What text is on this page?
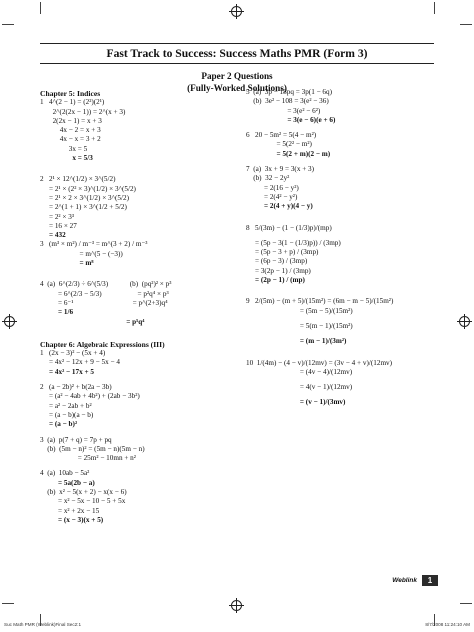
Fast Track to Success: Success Maths PMR (Form 3)
Paper 2 Questions
(Fully-Worked Solutions)
Chapter 5: Indices
1   4^(2 − 1) = (2²)(2¹)
2^(2(2x − 1)) = 2^(x + 3)
2(2x − 1) = x + 3
4x − 2 = x + 3
4x − x = 3 + 2
3x = 5
x = 5/3
2   2¹ × 12^(1/2) × 3^(5/2)
= 2¹ × (2² × 3)^(1/2) × 3^(5/2)
= 2¹ × 2 × 3^(1/2) × 3^(5/2)
= 2^(1 + 1) × 3^(1/2 + 5/2)
= 2² × 3³
= 16 × 27
= 432
3   (m³ × m²) / m⁻³ = m^(3 + 2) / m⁻³
= m^(5 − (−3))
= m⁸
4  (a)  6^(2/3) ÷ 6^(5/3)            (b)  (pq²)² × p³
= 6^(2/3 − 5/3)                    = p²q⁴ × p³
= 6⁻¹                                 = p^(2+3)q⁴
= 1/6
= p⁵q⁴
Chapter 6: Algebraic Expressions (III)
1   (2x − 3)² − (5x + 4)
= 4x² − 12x + 9 − 5x − 4
= 4x² − 17x + 5
2   (a − 2b)² + b(2a − 3b)
= (a² − 4ab + 4b²) + (2ab − 3b²)
= a² − 2ab + b²
= (a − b)(a − b)
= (a − b)²
3  (a)  p(7 + q) = 7p + pq
(b)  (5m − n)² = (5m − n)(5m − n)
= 25m² − 10mn + n²
4  (a)  10ab − 5a²
= 5a(2b − a)
(b)  x² − 5(x + 2) − x(x − 6)
= x² − 5x − 10 − 5 + 5x
= x² + 2x − 15
= (x − 3)(x + 5)
5  (a)  3p − 18pq = 3p(1 − 6q)
(b)  3e² − 108 = 3(e² − 36)
= 3(e² − 6²)
= 3(e − 6)(e + 6)
6   20 − 5m² = 5(4 − m²)
= 5(2² − m²)
= 5(2 + m)(2 − m)
7  (a)  3x + 9 = 3(x + 3)
(b)  32 − 2y²
= 2(16 − y²)
= 2(4² − y²)
= 2(4 + y)(4 − y)
8   5/(3m) − (1 − (1/3)p)/(mp)
= (5p − 3(1 − (1/3)p)) / (3mp)
= (5p − 3 + p) / (3mp)
= (6p − 3) / (3mp)
= 3(2p − 1) / (3mp)
= (2p − 1) / (mp)
9   2/(5m) − (m + 5)/(15m²) = (6m − m − 5)/(15m²)
= (5m − 5)/(15m²)
= 5(m − 1)/(15m²)
= (m − 1)/(3m²)
10  1/(4m) − (4 − v)/(12mv) = (3v − 4 + v)/(12mv)
= (4v − 4)/(12mv)
= 4(v − 1)/(12mv)
= (v − 1)/(3mv)
Weblink	1
Suc Math PMR (Weblink)Final Sec2:1	8/7/2008 11:24:10 AM
